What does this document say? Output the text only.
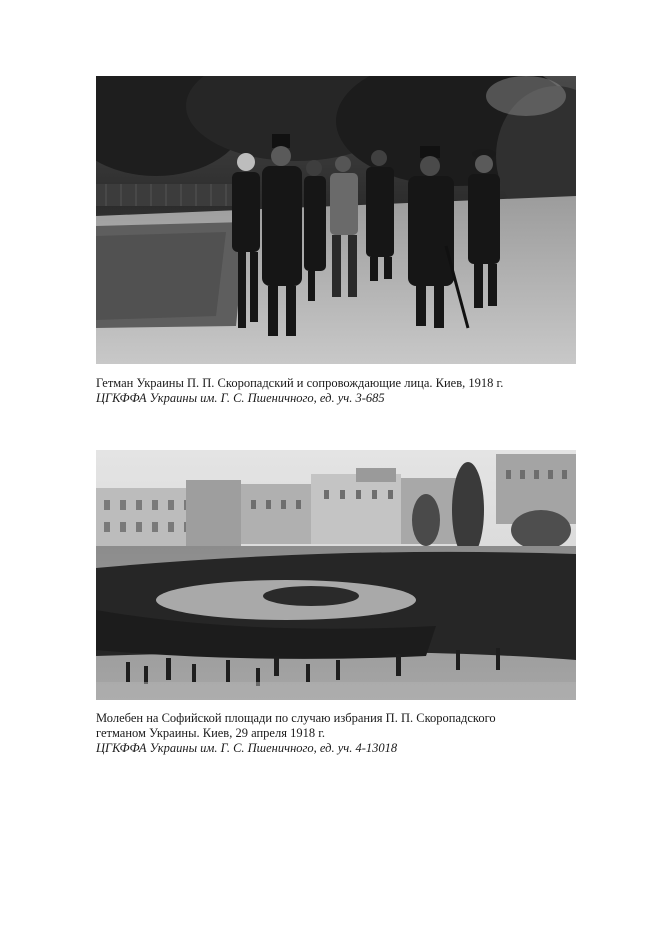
Гетман Украины П. П. Скоропадский и сопровождающие лица. Киев, 1918 г.
ЦГКФФА Украины им. Г. С. Пшеничного, ед. уч. 3-685
Молебен на Софийской площади по случаю избрания П. П. Скоропадского
гетманом Украины. Киев, 29 апреля 1918 г.
ЦГКФФА Украины им. Г. С. Пшеничного, ед. уч. 4-13018
